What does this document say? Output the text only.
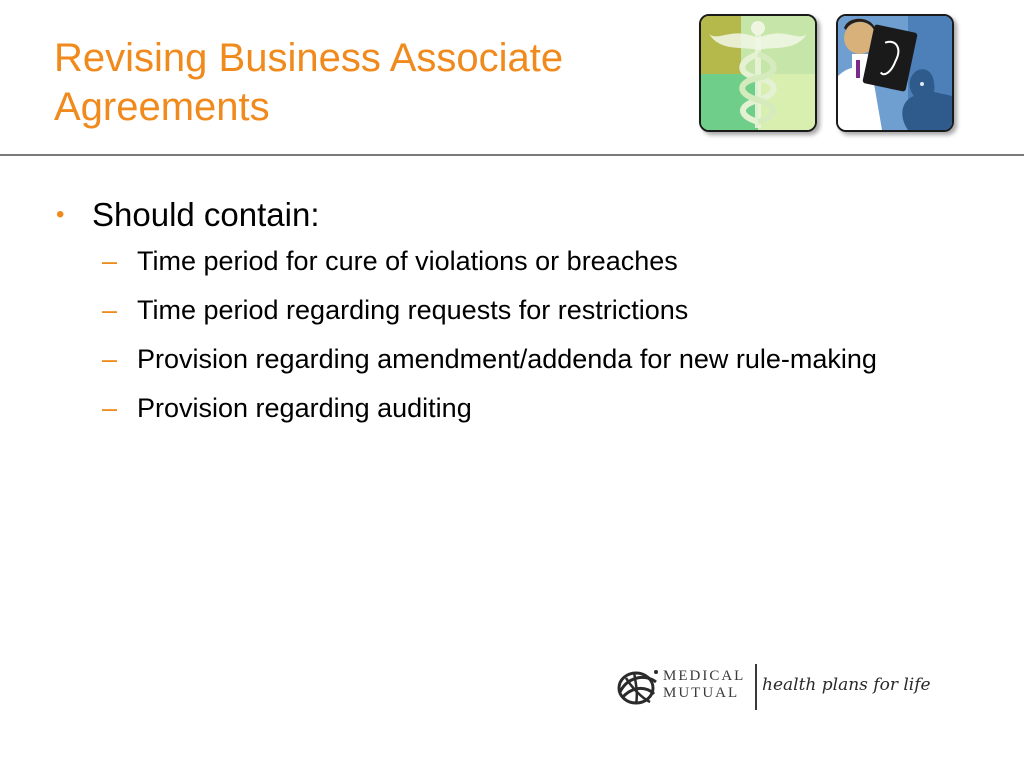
Revising Business Associate
Agreements
• Should contain:
– Time period for cure of violations or breaches
– Time period regarding requests for restrictions
– Provision regarding amendment/addenda for new rule-making
– Provision regarding auditing
MEDICAL
MUTUAL	health plans for life
